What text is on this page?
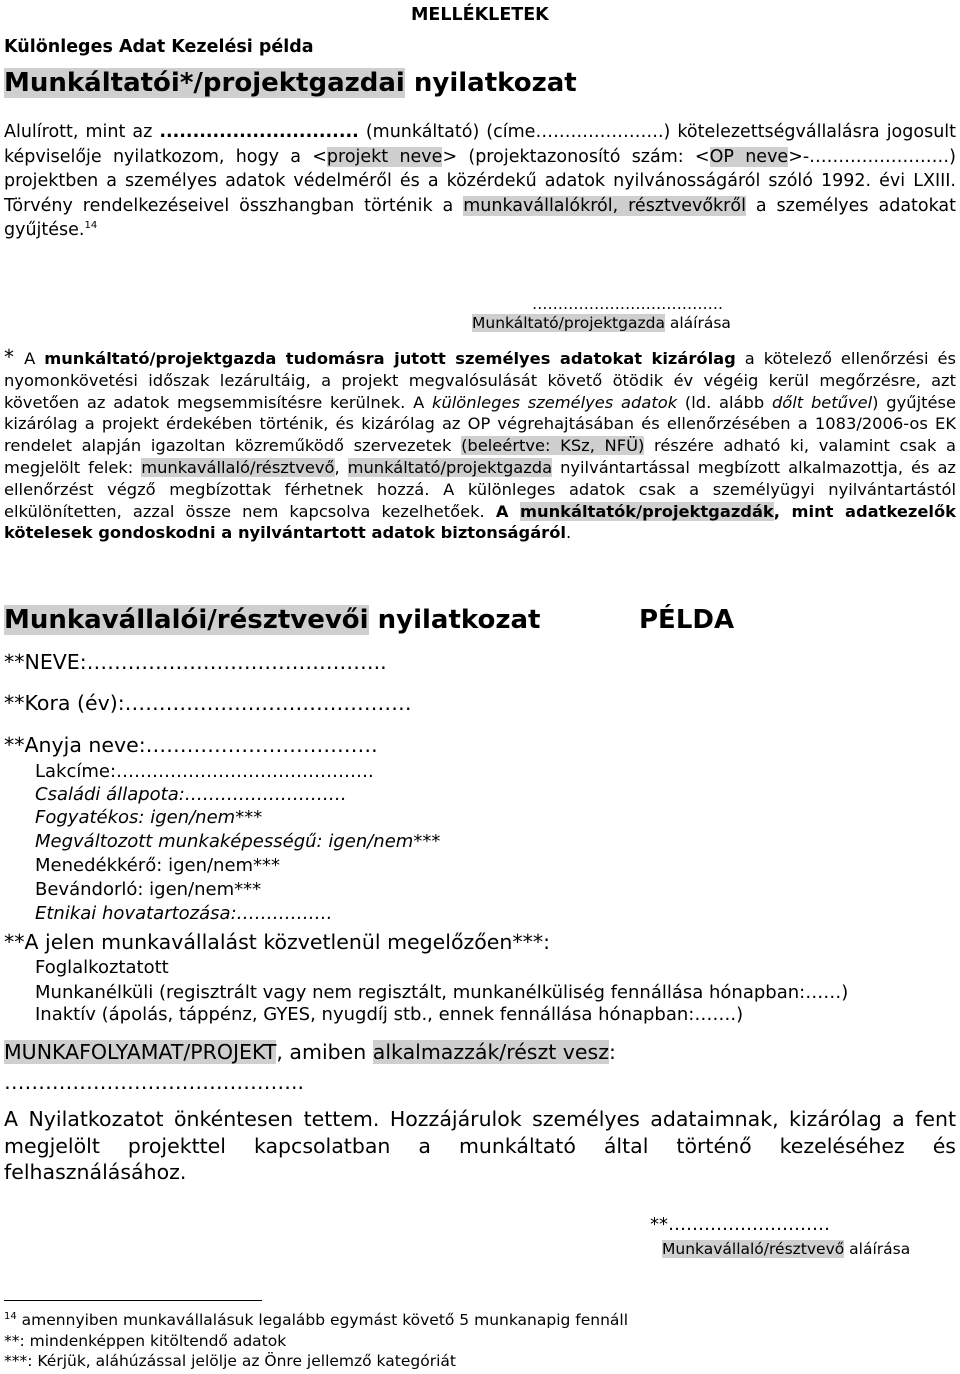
MELLÉKLETEK
Különleges Adat Kezelési példa
Munkáltatói*/projektgazdai nyilatkozat
Alulírott, mint az .............................. (munkáltató) (címe………………….) kötelezettségvállalásra jogosult képviselője nyilatkozom, hogy a <projekt neve> (projektazonosító szám: <OP neve>-……………………) projektben a személyes adatok védelméről és a közérdekű adatok nyilvánosságáról szóló 1992. évi LXIII. Törvény rendelkezéseivel összhangban történik a munkavállalókról, résztvevőkről a személyes adatokat gyűjtése.$^{14}$
……………………………….
Munkáltató/projektgazda aláírása
* A munkáltató/projektgazda tudomásra jutott személyes adatokat kizárólag a kötelező ellenőrzési és nyomonkövetési időszak lezárultáig, a projekt megvalósulását követő ötödik év végéig kerül megőrzésre, azt követően az adatok megsemmisítésre kerülnek. A különleges személyes adatok (ld. alább dőlt betűvel) gyűjtése kizárólag a projekt érdekében történik, és kizárólag az OP végrehajtásában és ellenőrzésében a 1083/2006-os EK rendelet alapján igazoltan közreműködő szervezetek (beleértve: KSz, NFÜ) részére adható ki, valamint csak a megjelölt felek: munkavállaló/résztvevő, munkáltató/projektgazda nyilvántartással megbízott alkalmazottja, és az ellenőrzést végző megbízottak férhetnek hozzá. A különleges adatok csak a személyügyi nyilvántartástól elkülönítetten, azzal össze nem kapcsolva kezelhetőek. A munkáltatók/projektgazdák, mint adatkezelők kötelesek gondoskodni a nyilvántartott adatok biztonságáról.
Munkavállalói/résztvevői nyilatkozat	PÉLDA
**NEVE:……………………………………..
**Kora (év):……………………………………
**Anyja neve:…………………………….
Lakcíme:…………………………………….
Családi állapota:………………………
Fogyatékos: igen/nem***
Megváltozott munkaképességű: igen/nem***
Menedékkérő: igen/nem***
Bevándorló: igen/nem***
Etnikai hovatartozása:…………….
**A jelen munkavállalást közvetlenül megelőzően***:
Foglalkoztatott
Munkanélküli (regisztrált vagy nem regisztált, munkanélküliség fennállása hónapban:……)
Inaktív (ápolás, táppénz, GYES, nyugdíj stb., ennek fennállása hónapban:…….)
MUNKAFOLYAMAT/PROJEKT, amiben alkalmazzák/részt vesz:
……………………………………..
A Nyilatkozatot önkéntesen tettem. Hozzájárulok személyes adataimnak, kizárólag a fent megjelölt projekttel kapcsolatban a munkáltató által történő kezeléséhez és felhasználásához.
**………………………
Munkavállaló/résztvevő aláírása
$^{14}$ amennyiben munkavállalásuk legalább egymást követő 5 munkanapig fennáll
**: mindenképpen kitöltendő adatok
***: Kérjük, aláhúzással jelölje az Önre jellemző kategóriát
